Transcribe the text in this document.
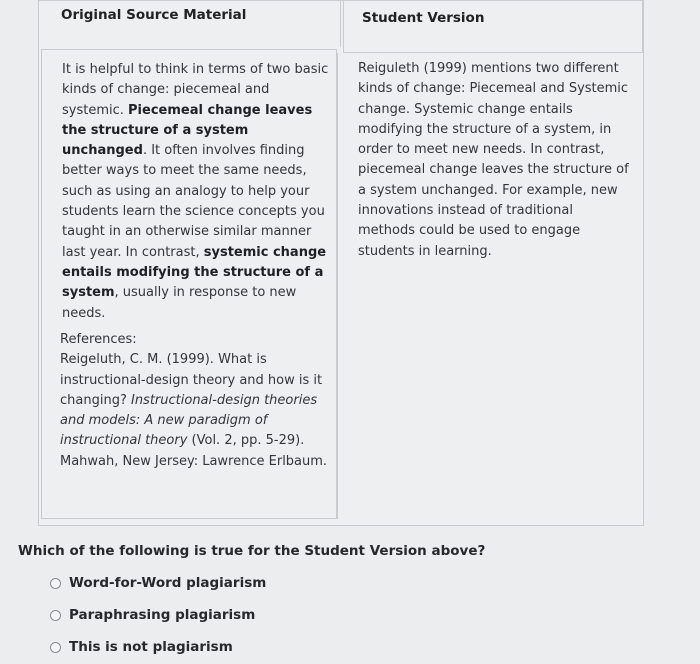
Original Source Material	Student Version
It is helpful to think in terms of two basic kinds of change: piecemeal and systemic. Piecemeal change leaves the structure of a system unchanged. It often involves finding better ways to meet the same needs, such as using an analogy to help your students learn the science concepts you taught in an otherwise similar manner last year. In contrast, systemic change entails modifying the structure of a system, usually in response to new needs.
References:
Reigeluth, C. M. (1999). What is instructional-design theory and how is it changing? Instructional-design theories and models: A new paradigm of instructional theory (Vol. 2, pp. 5-29). Mahwah, New Jersey: Lawrence Erlbaum.
Reiguleth (1999) mentions two different kinds of change: Piecemeal and Systemic change. Systemic change entails modifying the structure of a system, in order to meet new needs. In contrast, piecemeal change leaves the structure of a system unchanged. For example, new innovations instead of traditional methods could be used to engage students in learning.
Which of the following is true for the Student Version above?
Word-for-Word plagiarism
Paraphrasing plagiarism
This is not plagiarism
